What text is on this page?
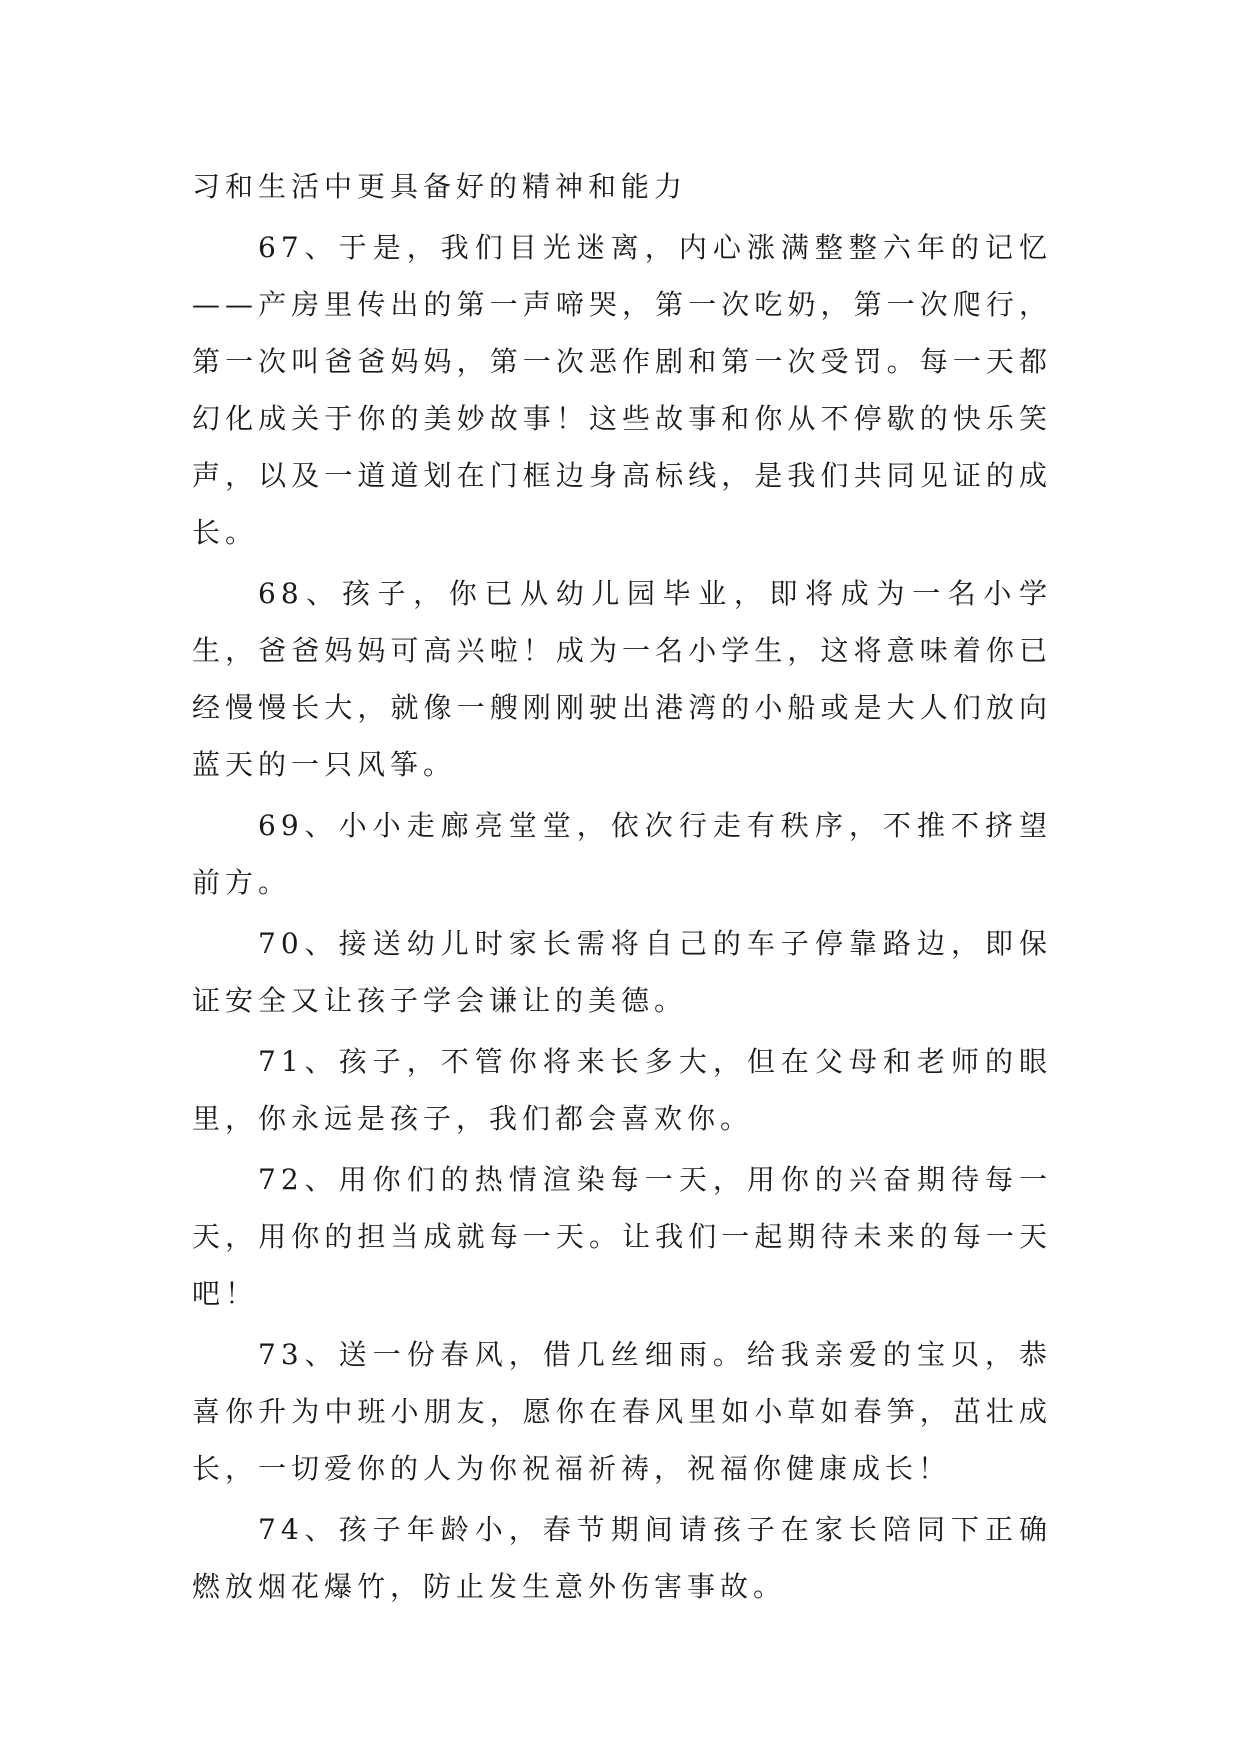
习和生活中更具备好的精神和能力

67、于是，我们目光迷离，内心涨满整整六年的记忆——产房里传出的第一声啼哭，第一次吃奶，第一次爬行，第一次叫爸爸妈妈，第一次恶作剧和第一次受罚。每一天都幻化成关于你的美妙故事！这些故事和你从不停歇的快乐笑声，以及一道道划在门框边身高标线，是我们共同见证的成长。

68、孩子，你已从幼儿园毕业，即将成为一名小学生，爸爸妈妈可高兴啦！成为一名小学生，这将意味着你已经慢慢长大，就像一艘刚刚驶出港湾的小船或是大人们放向蓝天的一只风筝。

69、小小走廊亮堂堂，依次行走有秩序，不推不挤望前方。

70、接送幼儿时家长需将自己的车子停靠路边，即保证安全又让孩子学会谦让的美德。

71、孩子，不管你将来长多大，但在父母和老师的眼里，你永远是孩子，我们都会喜欢你。

72、用你们的热情渲染每一天，用你的兴奋期待每一天，用你的担当成就每一天。让我们一起期待未来的每一天吧！

73、送一份春风，借几丝细雨。给我亲爱的宝贝，恭喜你升为中班小朋友，愿你在春风里如小草如春笋，茁壮成长，一切爱你的人为你祝福祈祷，祝福你健康成长！

74、孩子年龄小，春节期间请孩子在家长陪同下正确燃放烟花爆竹，防止发生意外伤害事故。
